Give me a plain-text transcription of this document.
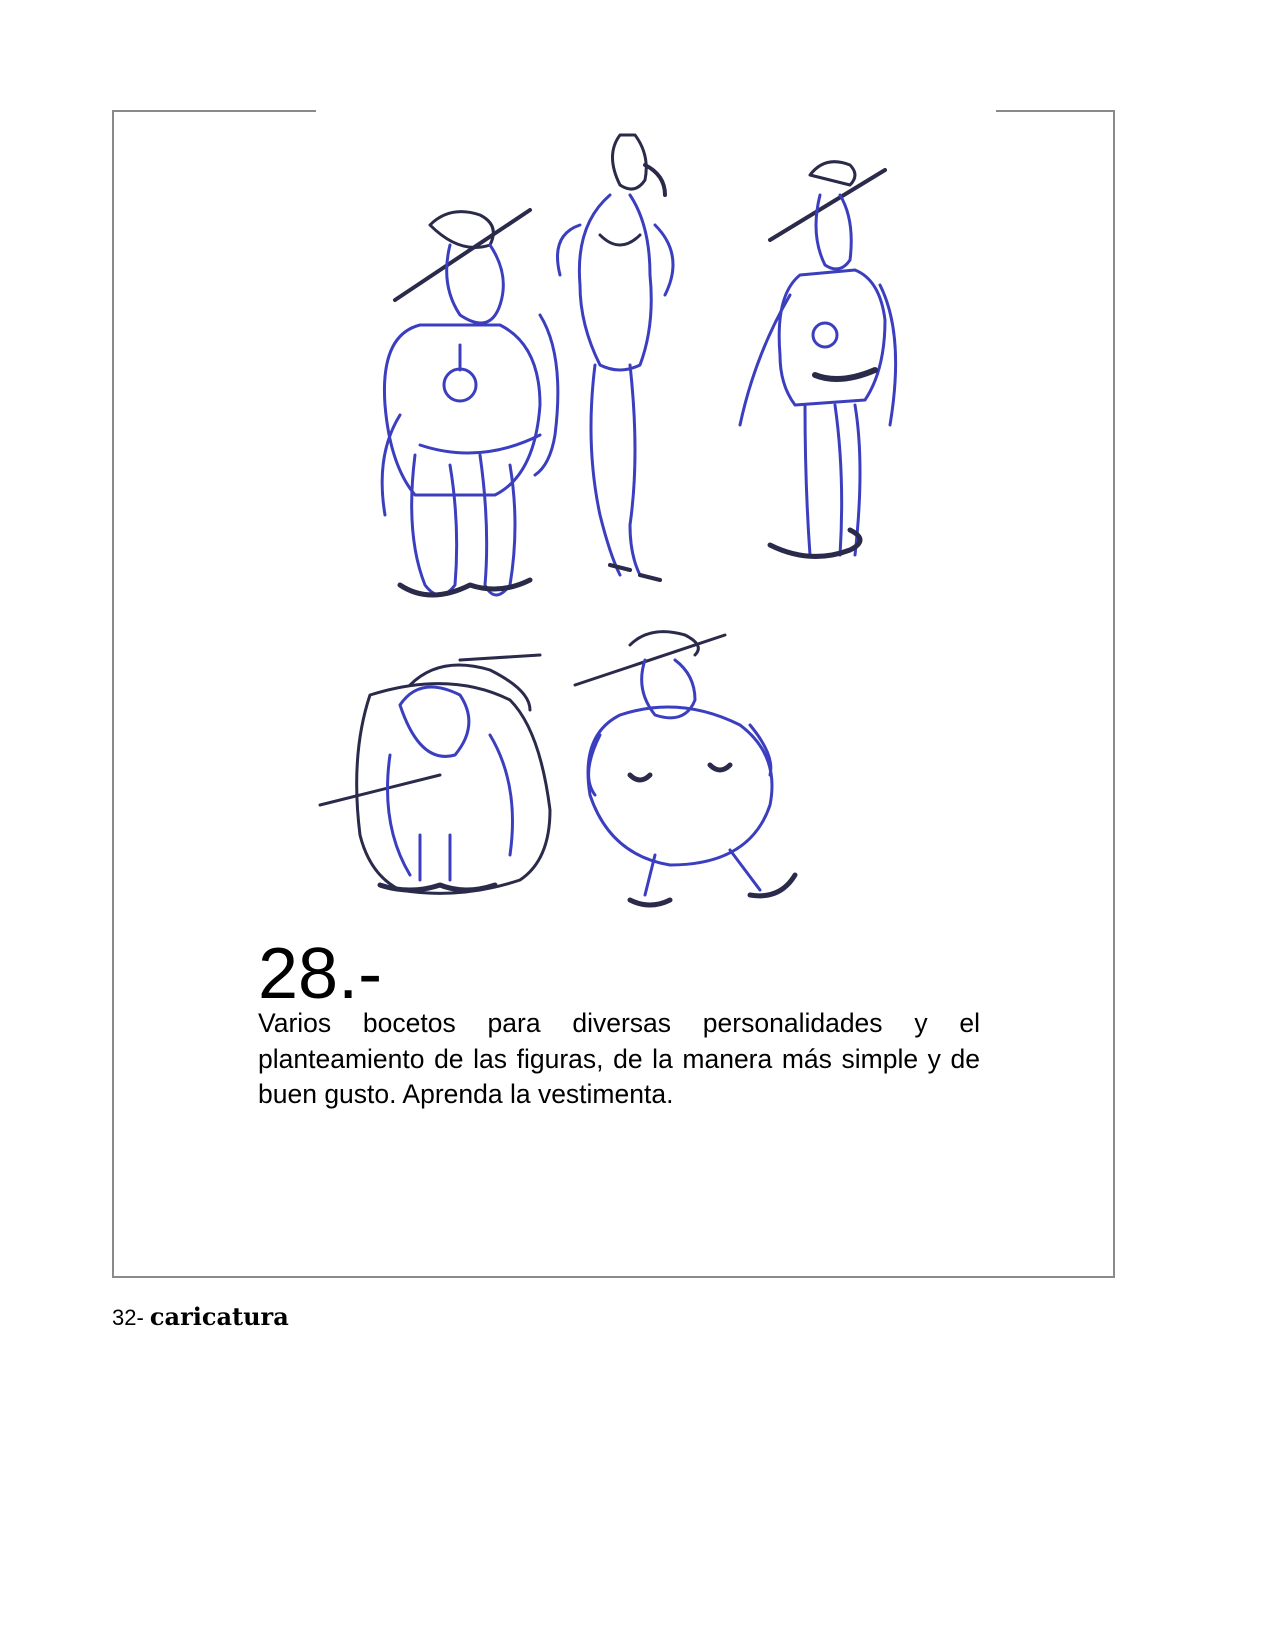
28.-
Varios bocetos para diversas personalidades y el planteamiento de las figuras, de la manera más simple y de buen gusto. Aprenda la vestimenta.
32- caricatura
